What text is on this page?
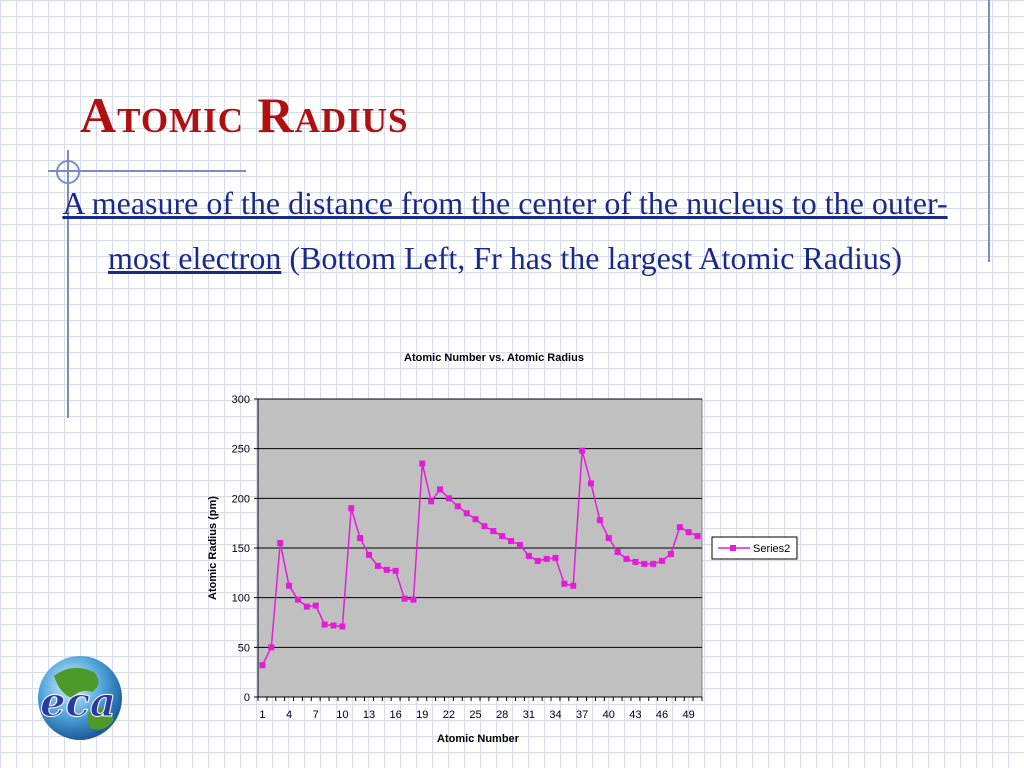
Atomic Radius
A measure of the distance from the center of the nucleus to the outer-most electron (Bottom Left, Fr has the largest Atomic Radius)
Atomic Number vs. Atomic Radius
0
50
100
150
200
250
300
1 4 7 10 13 16 19 22 25 28 31 34 37 40 43 46 49
Atomic Number
Atomic Radius (pm)	Series2
eca
